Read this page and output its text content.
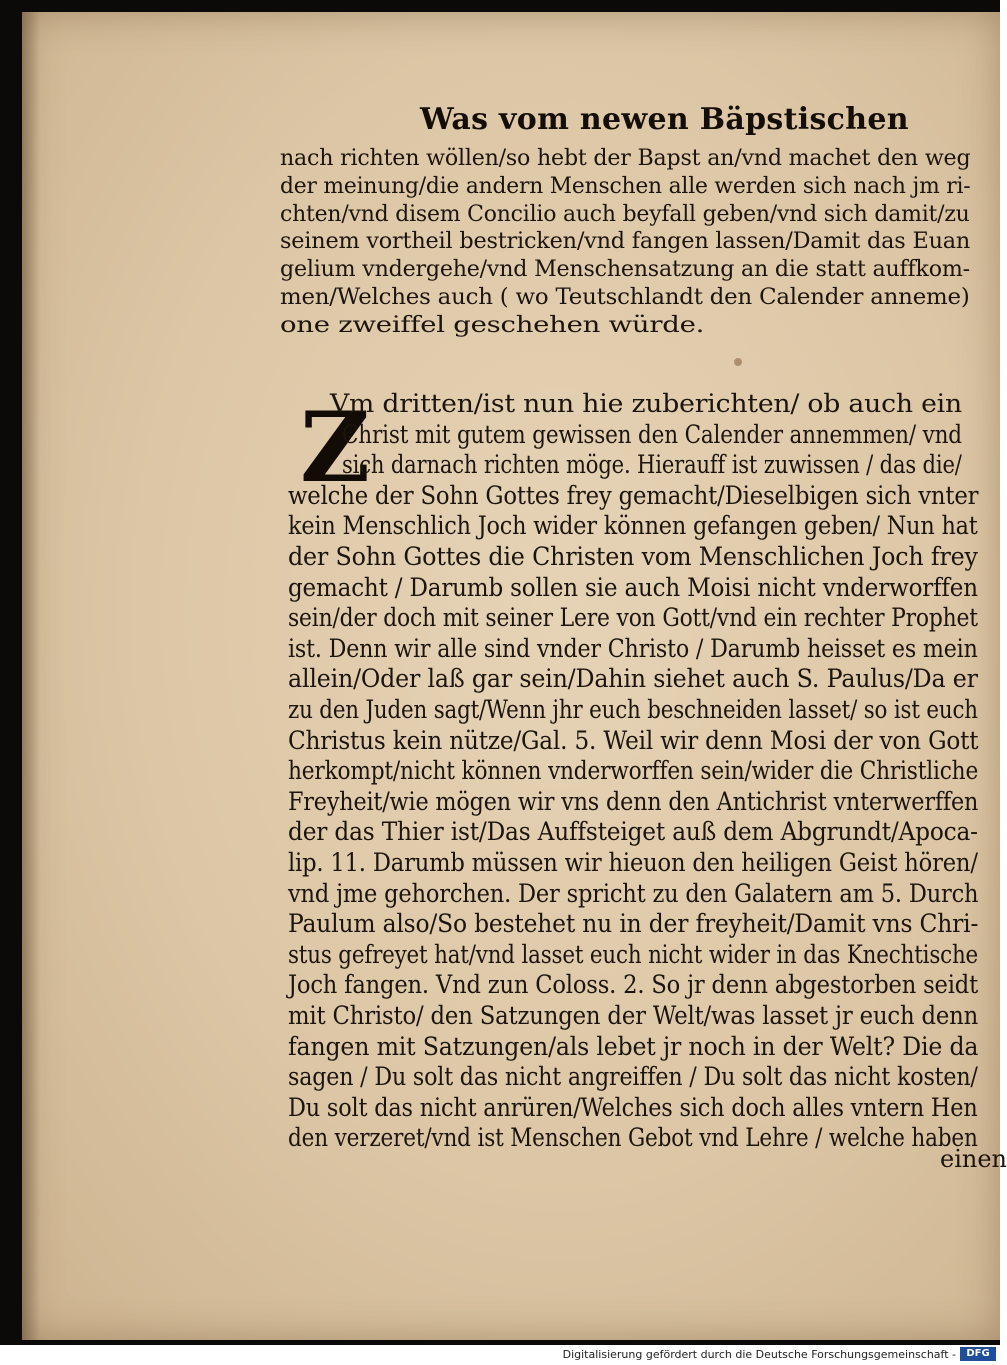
Was vom newen Bäpstischen
nach richten wöllen/so hebt der Bapst an/vnd machet den weg
der meinung/die andern Menschen alle werden sich nach jm ri-
chten/vnd disem Concilio auch beyfall geben/vnd sich damit/zu
seinem vortheil bestricken/vnd fangen lassen/Damit das Euan
gelium vndergehe/vnd Menschensatzung an die statt auffkom-
men/Welches auch ( wo Teutschlandt den Calender anneme)
one zweiffel geschehen würde.
Z
Vm dritten/ist nun hie zuberichten/ ob auch ein
Christ mit gutem gewissen den Calender annemmen/ vnd
sich darnach richten möge. Hierauff ist zuwissen / das die/
welche der Sohn Gottes frey gemacht/Dieselbigen sich vnter
kein Menschlich Joch wider können gefangen geben/ Nun hat
der Sohn Gottes die Christen vom Menschlichen Joch frey
gemacht / Darumb sollen sie auch Moisi nicht vnderworffen
sein/der doch mit seiner Lere von Gott/vnd ein rechter Prophet
ist. Denn wir alle sind vnder Christo / Darumb heisset es mein
allein/Oder laß gar sein/Dahin siehet auch S. Paulus/Da er
zu den Juden sagt/Wenn jhr euch beschneiden lasset/ so ist euch
Christus kein nütze/Gal. 5. Weil wir denn Mosi der von Gott
herkompt/nicht können vnderworffen sein/wider die Christliche
Freyheit/wie mögen wir vns denn den Antichrist vnterwerffen
der das Thier ist/Das Auffsteiget auß dem Abgrundt/Apoca-
lip. 11. Darumb müssen wir hieuon den heiligen Geist hören/
vnd jme gehorchen. Der spricht zu den Galatern am 5. Durch
Paulum also/So bestehet nu in der freyheit/Damit vns Chri-
stus gefreyet hat/vnd lasset euch nicht wider in das Knechtische
Joch fangen. Vnd zun Coloss. 2. So jr denn abgestorben seidt
mit Christo/ den Satzungen der Welt/was lasset jr euch denn
fangen mit Satzungen/als lebet jr noch in der Welt? Die da
sagen / Du solt das nicht angreiffen / Du solt das nicht kosten/
Du solt das nicht anrüren/Welches sich doch alles vntern Hen
den verzeret/vnd ist Menschen Gebot vnd Lehre / welche haben
einen
Digitalisierung gefördert durch die Deutsche Forschungsgemeinschaft -	DFG
